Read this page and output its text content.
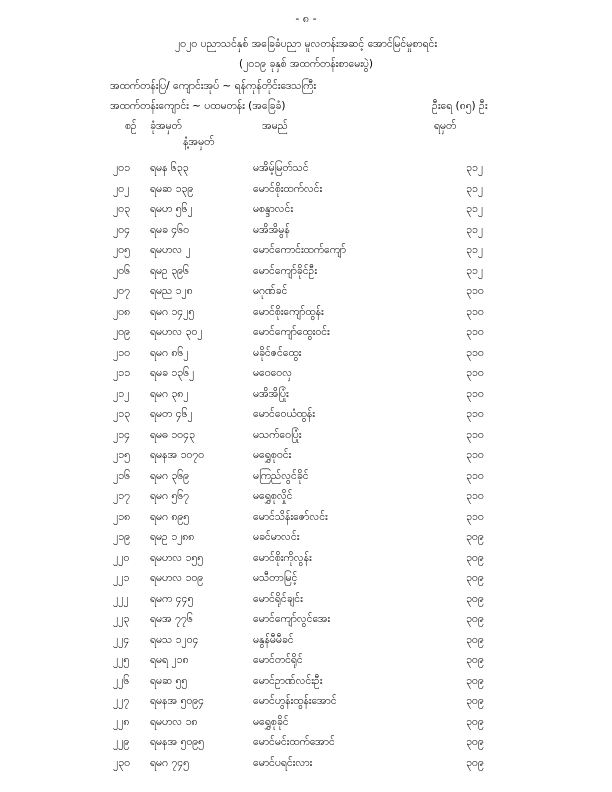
- ၈ -
၂၀၂၀ ပညာသင်နှစ် အခြေခံပညာ မူလတန်းအဆင့် အောင်မြင်မှုစာရင်း
(၂၀၁၉ ခုနှစ် အထက်တန်းစာမေးပွဲ)
အထက်တန်းပြ/ ကျောင်းအုပ် ~ ရန်ကုန်တိုင်းဒေသကြီး
အထက်တန်းကျောင်း ~ ပထမတန်း (အခြေခံ)	ဦးရေ (၈၅) ဦး
စဉ် ခုံအမှတ်
နံ့အမှတ်
အမည်	ရမှတ်
၂၀၁	ရမန ၆၃၃	မအိမ့်မြတ်သင်	၃၁၂
၂၀၂	ရမဆ ၁၃၉	မောင်စိုးထက်လင်း	၃၁၂
၂၀၃	ရမဟ ၅၆၂	မစန္ဒာလင်း	၃၁၂
၂၀၄	ရမခ ၄၆၀	မအိအိမွန်	၃၁၂
၂၀၅	ရမဟလ ၂	မောင်ကောင်းထက်ကျော်	၃၁၂
၂၀၆	ရမဥ ၃၉၆	မောင်ကျော်ခိုင်ဦး	၃၁၂
၂၀၇	ရမည ၁၂၈	မဂုဏ်ခင်	၃၁၀
၂၀၈	ရမဂ ၁၄၂၅	မောင်စိုးကျော်ထွန်း	၃၁၀
၂၀၉	ရမဟလ ၃၀၂	မောင်ကျော်ထွေးဝင်း	၃၁၀
၂၁၀	ရမဂ ၈၆၂	မခိုင်ဇင်ထွေး	၃၁၀
၂၁၁	ရမခ ၁၃၆၂	မဝေဝေလှ	၃၁၀
၂၁၂	ရမဂ ၃၈၂	မအိအိပြုံး	၃၁၀
၂၁၃	ရမတ ၄၆၂	မောင်ဝေယံထွန်း	၃၁၀
၂၁၄	ရမဓ ၁၀၄၃	မသက်ဝေပြုံး	၃၁၀
၂၁၅	ရမနအ ၁၀၇၀	မရွှေစုဝင်း	၃၁၀
၂၁၆	ရမဂ ၃၆၉	မကြည်လွင်ခိုင်	၃၁၀
၂၁၇	ရမဂ ၅၆၇	မရွှေစုလှိုင်	၃၁၀
၂၁၈	ရမဂ ၈၉၅	မောင်သိန်းဇော်လင်း	၃၁၀
၂၁၉	ရမဥ ၁၂၈၈	မခင်မာလင်း	၃၀၉
၂၂၀	ရမဟလ ၁၅၅	မောင်စိုးကိုလွန်း	၃၀၉
၂၂၁	ရမဟလ ၁၀၉	မသီတာမြင့်	၃၀၉
၂၂၂	ရမက ၄၄၅	မောင်ရိုင်ချင်း	၃၀၉
၂၂၃	ရမအ ၇၇၆	မောင်ကျော်လွင်အေး	၃၀၉
၂၂၄	ရမသ ၁၂၀၄	မနွန်မီမီခင်	၃၀၉
၂၂၅	ရမရ ၂၁၈	မောင်တင်ရိုင်	၃၀၉
၂၂၆	ရမဆ ၅၅	မောင်ဥာဏ်လင်းဦး	၃၀၉
၂၂၇	ရမနအ ၅၀၉၄	မောင်ဟွန်းထွန်းအောင်	၃၀၉
၂၂၈	ရမဟလ ၁၈	မရွှေစုခိုင်	၃၀၉
၂၂၉	ရမနအ ၅၀၉၅	မောင်မင်းထက်အောင်	၃၀၉
၂၃၀	ရမဂ ၇၄၅	မောင်ပရင်းလား	၃၀၉
